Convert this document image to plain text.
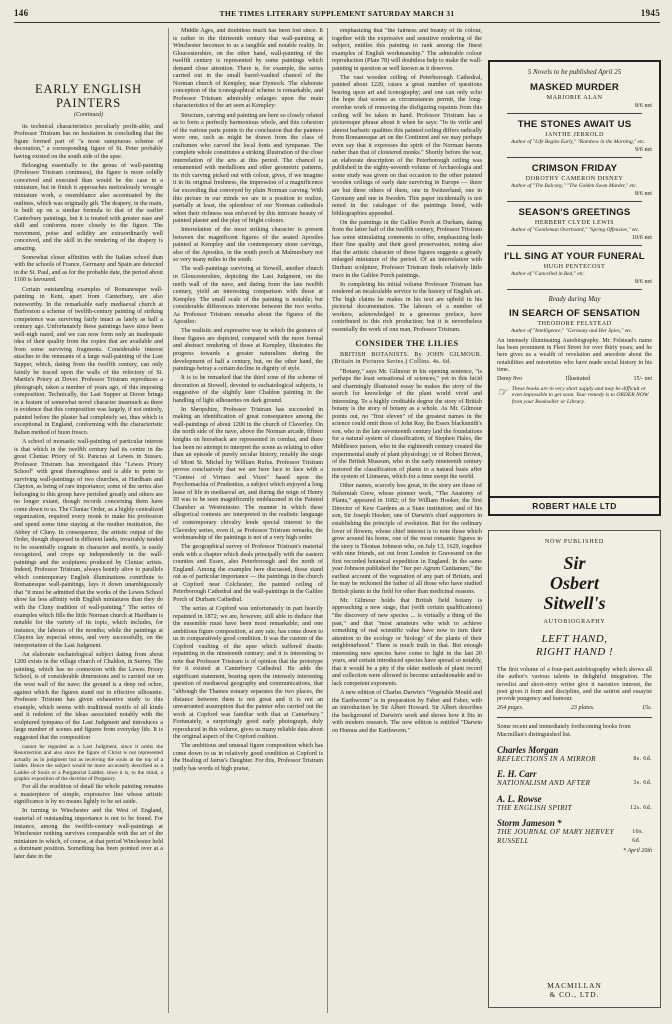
146	THE TIMES LITERARY SUPPLEMENT SATURDAY MARCH 31	1945
EARLY ENGLISH PAINTERS
(Continued)

its technical characteristics peculiarly profit-able; and Professor Tristram has no hesitation in concluding that the figure formed part of "a most sumptuous scheme of decoration," a corresponding figure of St. Peter probably having existed on the south side of the apse.

Belonging essentially to the genus of wall-painting (Professor Tristram continues), the figure is more solidly conceived and executed than would be the case in a miniature, but in finish it approaches meticulously wrought miniature work, a resemblance also accentuated by the outlines, which was originally gilt. The drapery, in the main, is built up on a similar formula to that of the earlier Canterbury paintings, but it is treated with greater ease and skill and conforms more closely to the figure. The movement, poise and solidity are extraordinarily well conceived, and the skill in the rendering of the drapery is amazing.

Somewhat closer affinities with the Italian school than with the schools of France, Germany and Spain are detected in the St. Paul, and as for the probable date, the period about 1160 is favoured.

Certain outstanding examples of Romanesque wall-painting in Kent, apart from Canterbury, are also noteworthy. In the remarkable early mediaeval church at Barfreston a scheme of twelfth-century painting of striking competence was surviving fairly intact as lately as half a century ago. Unfortunately these paintings have since been well-nigh razed, and we can now form only an inadequate idea of their quality from the copies that are available and from some surviving fragments. Considerable interest attaches to the remnants of a large wall-painting of the Last Supper, which, dating from the twelfth century, can only faintly be traced upon the walls of the refectory of St. Martin's Priory at Dover. Professor Tristram reproduces a photograph, taken a number of years ago, of this imposing composition. Technically, the Last Supper at Dover brings in a feature of somewhat novel character inasmuch as there is evidence that this composition was largely, if not entirely, painted before the plaster had completely set, thus which is exceptional in England, conforming with the characteristic Italian method of buon fresco.

A school of monastic wall-painting of particular interest is that which in the twelfth century had its centre in the great Cluniac Priory of St. Pancras at Lewes in Sussex. Professor Tristram has investigated this "Lewes Priory School" with great thoroughness and is able to point to surviving wall-paintings of two churches, at Hardham and Clayton, as being of rare importance; some of the series also belonging to this group have perished greatly and others are no longer extant, though records concerning them have come down to us. The Cluniac Order, as a highly centralized organization, required every monk to make his profession and spend some time staying at the mother institution, the Abbey of Cluny. In consequence, the artistic output of the Order, though dispersed in different lands, invariably tended to be essentially cognate in character and motifs, is easily recognized, and crops up independently in the wall-paintings and the sculptures produced by Cluniac artists. Indeed, Professor Tristram, always keenly alive to parallels which contemporary English illuminations contribute to Romanesque wall-paintings, lays it down unambiguously that "it must be admitted that the works of the Lewes School show far less affinity with English miniatures than they do with the Cluny tradition of wall-painting." The series of examples which fills the little Norman church at Hardham is notable for the variety of its topic, which includes, for instance, the labours of the months; while the paintings at Clayton lay especial stress, and very successfully, on the interpretation of the Last Judgment.

An elaborate eschatological subject dating from about 1200 exists in the village church of Chaldon, in Surrey. The painting, which has no connexion with the Lewes Priory School, is of considerable dimensions and is carried out on the west wall of the nave; the ground is a deep red ochre, against which the figures stand out in effective silhouette. Professor Tristram has given exhaustive study to this example, which seems with traditional motifs of all kinds and it redolent of the ideas associated notably with the sculptured tympana of the Last Judgment and introduces a large number of scenes and figures from everyday life. It is suggested that the composition

cannot be regarded as a Last Judgment, since it omits the Resurrection and also since the figure of Christ is not represented actually as in judgment but as receiving the souls at the top of a ladder. Hence the subject would be more accurately described as a Ladder of Souls or a Purgatorial Ladder, since it is, to the mind, a graphic exposition of the doctrine of Purgatory.

For all the erudition of detail the whole painting remains a masterpiece of simple, expressive line whose artistic significance is by no means lightly to be set aside.

In turning to Winchester and the West of England, material of outstanding importance is not to be found. For instance, among the twelfth-century wall-paintings at Winchester nothing survives comparable with the art of the miniature in which, of course, at that period Winchester held a dominant position. Something has been pointed over at a later date in the

Middle Ages, and doubtless much has been lost since. It is rather in the thirteenth century that wall-painting at Winchester becomes to us a tangible and notable reality. In Gloucestershire, on the other hand, wall-painting of the twelfth century is represented by some paintings which demand close attention. There is, for example, the series carried out in the small barrel-vaulted chancel of the Norman church of Kempley, near Dymock. The elaborate conception of the iconographical scheme is remarkable, and Professor Tristram admirably enlarges upon the main characteristics of the art seen at Kempley:

Structure, carving and painting are here so closely related as to form a perfectly harmonious whole, and this cohesion of the various parts points to the conclusion that the painters were one, such as might be drawn from the class of craftsmen who carved the local fonts and tympanae. The complete whole constitutes a striking illustration of the close interrelation of the arts at this period. The chancel is ornamented with medallions and other geometric patterns, its rich carving picked out with colour, gives, if we imagine it in its original freshness, the impression of a magnificence far exceeding that conveyed by plain Norman carving. With this picture in our minds we are in a position to realize, partially at least, the splendour of our Norman cathedrals when their richness was enforced by this intricate beauty of painted plaster and the play of bright colours.

Interrelation of the most striking character is present between the magnificent figures of the seated Apostles painted at Kempley and the contemporary stone carvings, also of the Apostles, in the south porch at Malmesbury not so very many miles to the south.

The wall-paintings surviving at Stowell, another church in Gloucestershire, depicting the Last Judgment, on the north wall of the nave, and dating from the late twelfth century, yield an interesting comparison with those at Kempley. The small scale of the painting is notable; but considerable differences intervene between the two works. As Professor Tristram remarks about the figures of the Apostles:

The realistic and expressive way in which the gestures of these figures are depicted, compared with the more formal and abstract rendering of those at Kempley, illustrates the progress towards a greater naturalism during the development of half a century, but, on the other hand, the paintings betray a certain decline in dignity of style.

It is to be remarked that the third zone of the scheme of decoration at Stowell, devoted to eschatological subjects, is suggestive of the slightly later Chaldon painting in the handling of light silhouettes on dark ground.

In Shropshire, Professor Tristram has succeeded in making an identification of great consequence among the wall-paintings of about 1200 in the church of Claverley. On the north side of the nave, above the Norman arcade, fifteen knights on horseback are represented in combat, and there has been no attempt to interpret the scene as relating to other than an episode of purely secular history, notably the siege of Mont St. Michel by William Rufus. Professor Tristram proves conclusively that we are here face to face with a "Contest of Virtues and Vices" based upon the Psychomachia of Prudentius, a subject which enjoyed a long lease of life in mediaeval art, and during the reign of Henry III was to be seen magnificently emblazoned in the Painted Chamber at Westminster. The manner in which these allegorical contests are interpreted in the realistic language of contemporary chivalry lends special interest to the Claverley series, even if, as Professor Tristram remarks, the workmanship of the paintings is not of a very high order.

The geographical survey of Professor Tristram's material ends with a chapter which deals principally with the eastern counties and Essex, also Peterborough and the north of England. Among the examples here discussed, those stand out as of particular importance — the paintings in the church at Copford near Colchester, the painted ceiling of Peterborough Cathedral and the wall-paintings in the Galilee Porch of Durham Cathedral.

The series at Copford was unfortunately in part heavily repainted in 1872; we are, however, still able to deduce that the ensemble must have been most remarkable; and one ambitious figure composition, at any rate, has come down to us in comparatively good condition. It was the custom of the Copford vaulting of the apse which suffered drastic repainting in the nineteenth century; and it is interesting to note that Professor Tristram is of opinion that the prototype for it existed at Canterbury Cathedral. He adds the significant statement, bearing upon the intensely interesting question of mediaeval geography and communications, that "although the Thames estuary separates the two places, the distance between them is not great and it is not an unwarranted assumption that the painter who carried out the work at Copford was familiar with that at Canterbury." Fortunately, a surprisingly good early photograph, duly reproduced in this volume, gives us many reliable data about the original aspect of the Copford cushion.

The ambitious and unusual figure composition which has come down to us in relatively good condition at Copford is the Healing of Jairus's Daughter. For this, Professor Tristram justly has words of high praise,

emphasizing that "the fairness and beauty of its colour, together with the expressive and sensitive rendering of the subject, entitles this painting to rank among the finest examples of English workmanship." The admirable colour reproduction (Plate 78) will doubtless help to make the wall-painting in question as well known as it deserves.

The vast wooden ceiling of Peterborough Cathedral, painted about 1220, raises a great number of questions bearing upon art and iconography; and one can only echo the hope that scenes as circumstances permit, the long-overdue work of removing the disfiguring repaints from this ceiling will be taken in hand. Professor Tristram has a picturesque phrase about it when he says: "In its virile and almost barbaric qualities this painted ceiling differs radically from Romanesque art on the Continent and we may perhaps even say that it expresses the spirit of the Norman barons rather than that of cloistered monks." Shortly before the war, an elaborate description of the Peterborough ceiling was published in the eighty-seventh volume of Archaeologia and some study was given on that occasion to the other painted wooden ceilings of early date surviving in Europe — there are but three others of them, one in Switzerland, one in Germany and one in Sweden. This paper incidentally is not noted in the catalogue of the paintings listed, with bibliographies appended.

On the paintings in the Galilee Porch at Durham, dating from the latter half of the twelfth century, Professor Tristram has some stimulating comments to offer, emphasizing both their fine quality and their good preservation, noting also that the artistic character of these figures suggests a greatly enlarged miniature of the period. Of an interrelation with Durham sculpture, Professor Tristram finds relatively little trace in the Galilee Porch paintings.

In completing his initial volume Professor Tristram has rendered an incalculable service to the history of English art. The high claims he makes in his text are upheld in his pictorial documentation. The labours of a number of workers, acknowledged in a generous preface, have contributed to this rich production; but it is nevertheless essentially the work of one man, Professor Tristram.

CONSIDER THE LILIES

BRITISH BOTANISTS. By JOHN GILMOUR. (Britain in Pictures Series.) Collins. 4s. 6d.

"Botany," says Mr. Gilmour in his opening sentence, "is perhaps the least sensational of sciences," yet in this lucid and charmingly illustrated essay he makes the story of the search for knowledge of the plant world vivid and interesting. To a highly creditable degree the story of British botany is the story of botany as a whole. As Mr. Gilmour points out, no "first eleven" of the greatest names in the science could omit those of John Ray, the Essex blacksmith's son, who in the late seventeenth century laid the foundations for a natural system of classification; of Stephen Hales, the Middlesex parson, who in the eighteenth century created the experimental study of plant physiology; or of Robert Brown, of the British Museum, who in the early nineteenth century restored the classification of plants to a natural basis after the system of Linnaeus, which for a time swept the world.

Other names, scarcely less great, in the story are those of Nehemiah Grew, whose pioneer work, "The Anatomy of Plants," appeared in 1682; of Sir William Hooker, the first Director of Kew Gardens as a State institution; and of his son, Sir Joseph Hooker, one of Darwin's chief supporters in establishing the principle of evolution. But for the ordinary lover of flowers, whose chief interest is to note those which grow around his home, one of the most romantic figures in the story is Thomas Johnson who, on July 13, 1629, together with nine friends, set out from London to Gravesend on the first recorded botanical expedition in England. In the same year Johnson published the "Iter per Agrum Cantianum," the earliest account of the vegetation of any part of Britain, and he may be reckoned the father of all those who have studied British plants in the field for other than medicinal reasons.

Mr. Gilmour holds that British field botany is approaching a new stage, that (with certain qualifications) "the discovery of new species ... is virtually a thing of the past," and that "most amateurs who wish to achieve something of real scientific value have now to turn their attention to the ecology or 'biology' of the plants of their neighbourhood." There is much truth in that. But enough interesting new species have come to light in the last 20 years, and certain introduced species have spread so notably, that it would be a pity if the older methods of plant record and collection were allowed to become unfashionable and to lack competent exponents.

A new edition of Charles Darwin's "Vegetable Mould and the Earthworm" is in preparation by Faber and Faber, with an introduction by Sir Albert Howard. Sir Albert describes the background of Darwin's work and shows how it fits in with modern research. The new edition is entitled "Darwin on Humus and the Earthworm."

5 Novels to be published April 25
MASKED MURDER
MARJORIE ALAN
8/6 net
THE STONES AWAIT US
JANTHE JERROLD
Author of "Life Begins Early," "Rainbow in the Morning," etc.
9/6 net
CRIMSON FRIDAY
DOROTHY CAMERON DISNEY
Author of "The Balcony," "The Golden Swan Murder," etc.
8/6 net
SEASON'S GREETINGS
HERBERT CLYDE LEWIS
Author of "Gentleman Overboard," "Spring Offensive," etc.
10/6 net
I'LL SING AT YOUR FUNERAL
HUGH PENTECOST
Author of "Cancelled in Red," etc.
8/6 net
Ready during May
IN SEARCH OF SENSATION
THEODORE FELSTEAD
Author of "Intelligence," "Germany and Her Spies," etc.
An intensely illuminating Autobiography. Mr. Felstead's name has been prominent in Fleet Street for over thirty years; and he here gives us a wealth of revelation and anecdote about the notabilities and notorieties who have made social history in his time.
Demy 8vo	Illustrated	15/- net
☞ These books are in very short supply and may be difficult or even impossible to get soon. Your remedy is to ORDER NOW from your Bookseller or Library.
ROBERT HALE LTD
NOW PUBLISHED
Sir
Osbert
Sitwell's
AUTOBIOGRAPHY
LEFT HAND,
RIGHT HAND !
The first volume of a four-part autobiography which shows all the author's various talents in delightful integration. The novelist and short-story writer give it narrative interest, the poet gives it form and discipline, and the satirist and essayist provide pungency and humour.
264 pages.	23 plates.	15s.
Some recent and immediately forthcoming books from Macmillan's distinguished list.
Charles Morgan
REFLECTIONS IN A MIRROR	8s. 6d.
E. H. Carr
NATIONALISM AND AFTER	3s. 6d.
A. L. Rowse
THE ENGLISH SPIRIT	12s. 6d.
Storm Jameson *
THE JOURNAL OF MARY HERVEY RUSSELL
10s. 6d.
* April 20th
MACMILLAN
& CO., LTD.
